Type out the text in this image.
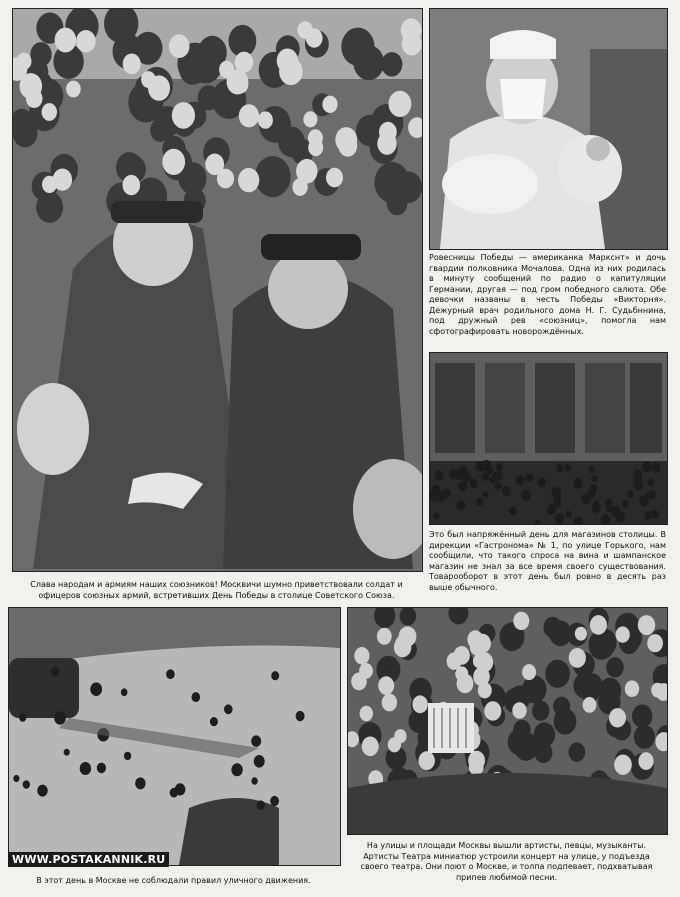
Слава народам и армиям наших союзников! Москвичи шумно приветствовали солдат и офицеров союзных армий, встретивших День Победы в столице Советского Союза.
Ровесницы Победы — американка Маркснт» и дочь гвардии полковника Мочалова. Одна из них родилась в минуту сообщений по радио о капитуляции Германии, другая — под гром победного салюта. Обе девочки названы в честь Победы «Викторня». Дежурный врач родильного дома Н. Г. Судьбннина, под дружный рев «союзниц», помогла нам сфотографировать новорождённых.
Это был напряжённый день для магазинов столицы. В дирекции «Гастронома» № 1, по улице Горького, нам сообщили, что такого спроса на вина и шампанское магазин не знал за все время своего существования. Товарооборот в этот день был ровно в десять раз выше обычного.
WWW.POSTAKANNIK.RU
В этот день в Москве не соблюдали правил уличного движения.
На улицы и площади Москвы вышли артисты, певцы, музыканты. Артисты Театра миниатюр устроили концерт на улице, у подъезда своего театра. Они поют о Москве, и толпа подпевает, подхватывая припев любимой песни.
